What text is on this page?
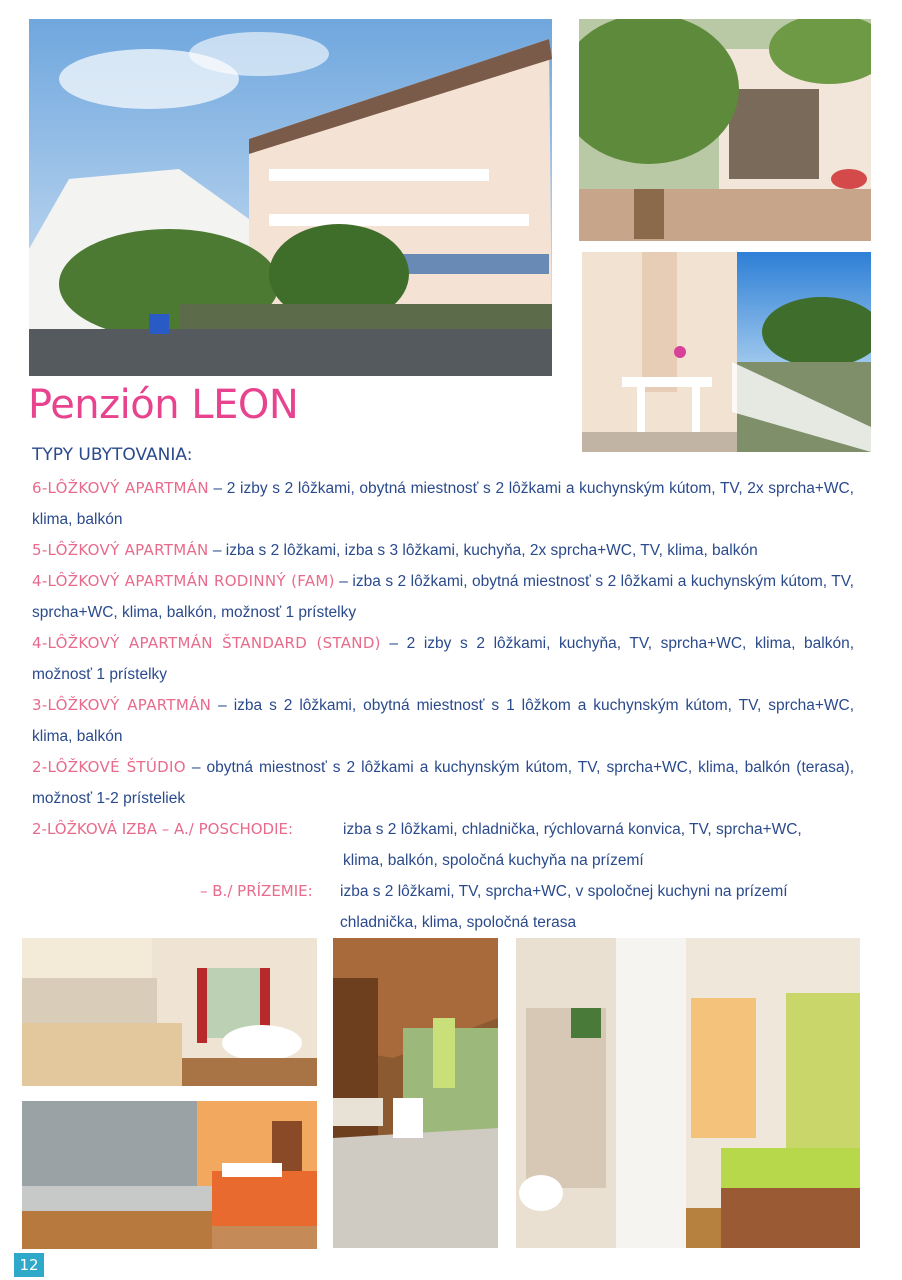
Penzión LEON
TYPY UBYTOVANIA:
6-LÔŽKOVÝ APARTMÁN – 2 izby s 2 lôžkami, obytná miestnosť s 2 lôžkami a kuchynským kútom, TV, 2x sprcha+WC, klima, balkón
5-LÔŽKOVÝ APARTMÁN – izba s 2 lôžkami, izba s 3 lôžkami, kuchyňa, 2x sprcha+WC, TV, klima, balkón
4-LÔŽKOVÝ APARTMÁN RODINNÝ (FAM) – izba s 2 lôžkami, obytná miestnosť s 2 lôžkami a kuchynským kútom, TV, sprcha+WC, klima, balkón, možnosť 1 prístelky
4-LÔŽKOVÝ APARTMÁN ŠTANDARD (STAND) – 2 izby s 2 lôžkami, kuchyňa, TV, sprcha+WC, klima, balkón, možnosť 1 prístelky
3-LÔŽKOVÝ APARTMÁN – izba s 2 lôžkami, obytná miestnosť s 1 lôžkom a kuchynským kútom, TV, sprcha+WC, klima, balkón
2-LÔŽKOVÉ ŠTÚDIO – obytná miestnosť s 2 lôžkami a kuchynským kútom, TV, sprcha+WC, klima, balkón (terasa), možnosť 1-2 prísteliek
2-LÔŽKOVÁ IZBA – A./ POSCHODIE:	izba s 2 lôžkami, chladnička, rýchlovarná konvica, TV, sprcha+WC,
klima, balkón, spoločná kuchyňa na prízemí
– B./ PRÍZEMIE: izba s 2 lôžkami, TV, sprcha+WC, v spoločnej kuchyni na prízemí
chladnička, klima, spoločná terasa
12
